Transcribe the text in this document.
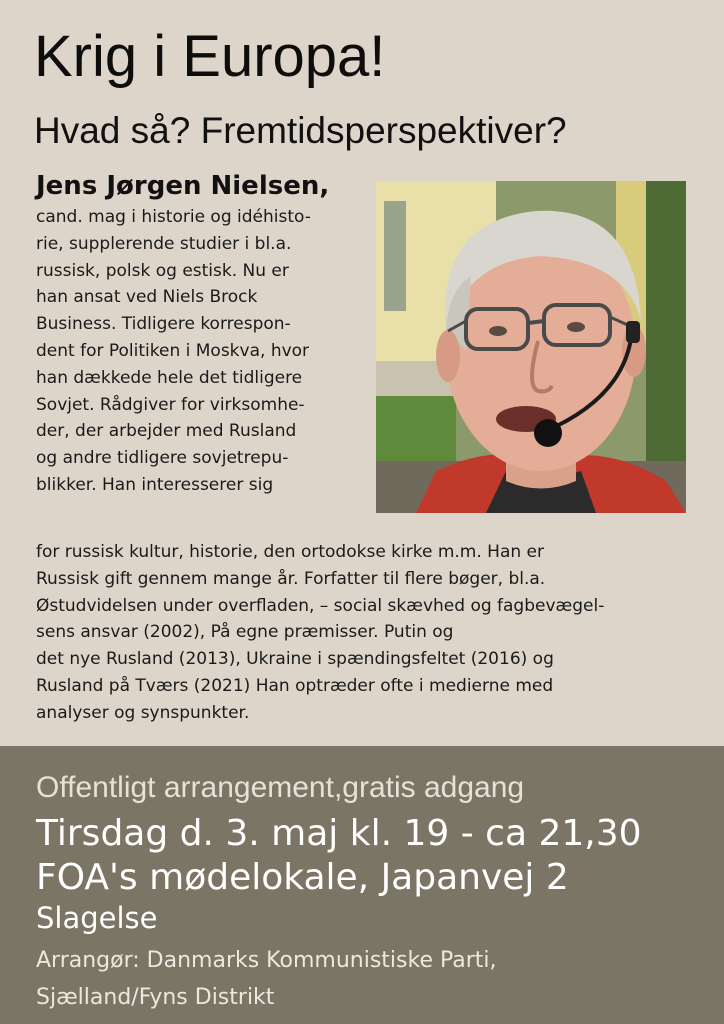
Krig i Europa!
Hvad så? Fremtidsperspektiver?
Jens Jørgen Nielsen,
cand. mag i historie og idéhisto-
rie, supplerende studier i bl.a.
russisk, polsk og estisk. Nu er
han ansat ved Niels Brock
Business. Tidligere korrespon-
dent for Politiken i Moskva, hvor
han dækkede hele det tidligere
Sovjet. Rådgiver for virksomhe-
der, der arbejder med Rusland
og andre tidligere sovjetrepu-
blikker. Han interesserer sig
for russisk kultur, historie, den ortodokse kirke m.m. Han er
Russisk gift gennem mange år. Forfatter til flere bøger, bl.a.
Østudvidelsen under overfladen, – social skævhed og fagbevægel-
sens ansvar (2002), På egne præmisser. Putin og
det nye Rusland (2013), Ukraine i spændingsfeltet (2016) og
Rusland på Tværs (2021) Han optræder ofte i medierne med
analyser og synspunkter.
Offentligt arrangement,gratis adgang
Tirsdag d. 3. maj kl. 19 - ca 21,30
FOA's mødelokale, Japanvej 2
Slagelse
Arrangør: Danmarks Kommunistiske Parti,
Sjælland/Fyns Distrikt
